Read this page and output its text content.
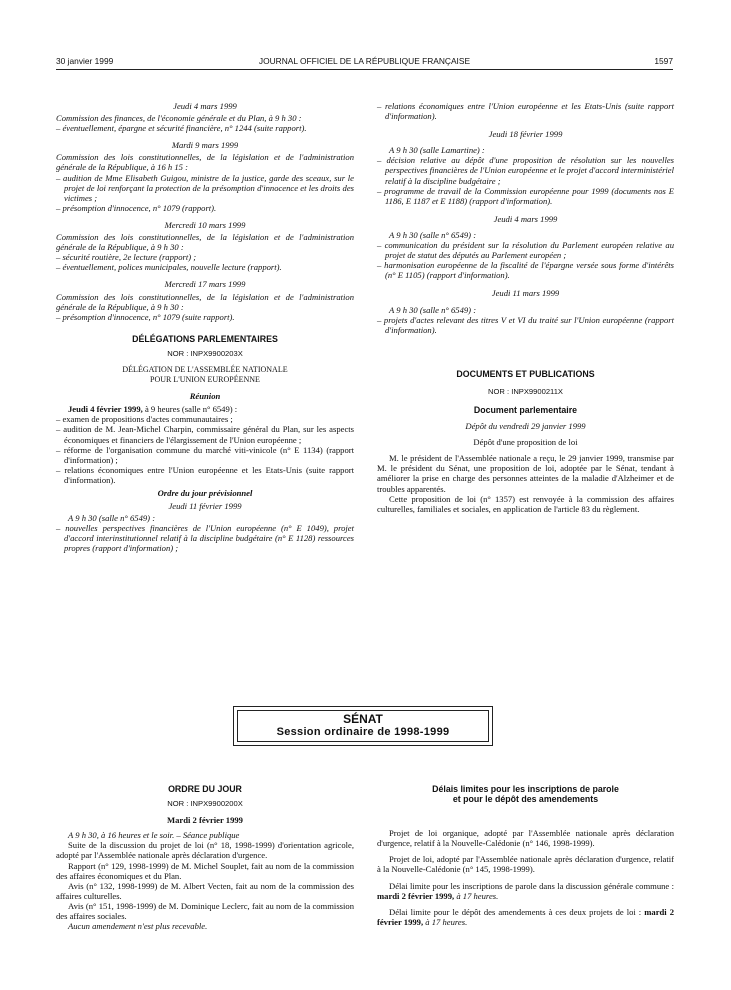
30 janvier 1999	JOURNAL OFFICIEL DE LA RÉPUBLIQUE FRANÇAISE	1597

Jeudi 4 mars 1999

Commission des finances, de l'économie générale et du Plan, à 9 h 30 :

– éventuellement, épargne et sécurité financière, n° 1244 (suite rapport).

Mardi 9 mars 1999

Commission des lois constitutionnelles, de la législation et de l'administration générale de la République, à 16 h 15 :

– audition de Mme Elisabeth Guigou, ministre de la justice, garde des sceaux, sur le projet de loi renforçant la protection de la présomption d'innocence et les droits des victimes ;

– présomption d'innocence, n° 1079 (rapport).

Mercredi 10 mars 1999

Commission des lois constitutionnelles, de la législation et de l'administration générale de la République, à 9 h 30 :

– sécurité routière, 2e lecture (rapport) ;

– éventuellement, polices municipales, nouvelle lecture (rapport).

Mercredi 17 mars 1999

Commission des lois constitutionnelles, de la législation et de l'administration générale de la République, à 9 h 30 :

– présomption d'innocence, n° 1079 (suite rapport).

DÉLÉGATIONS PARLEMENTAIRES

NOR : INPX9900203X

DÉLÉGATION DE L'ASSEMBLÉE NATIONALE

POUR L'UNION EUROPÉENNE

Réunion

Jeudi 4 février 1999, à 9 heures (salle n° 6549) :

– examen de propositions d'actes communautaires ;

– audition de M. Jean-Michel Charpin, commissaire général du Plan, sur les aspects économiques et financiers de l'élargissement de l'Union européenne ;

– réforme de l'organisation commune du marché viti-vinicole (n° E 1134) (rapport d'information) ;

– relations économiques entre l'Union européenne et les Etats-Unis (suite rapport d'information).

Ordre du jour prévisionnel

Jeudi 11 février 1999

A 9 h 30 (salle n° 6549) :

– nouvelles perspectives financières de l'Union européenne (n° E 1049), projet d'accord interinstitutionnel relatif à la discipline budgétaire (n° E 1128) ressources propres (rapport d'information) ;

– relations économiques entre l'Union européenne et les Etats-Unis (suite rapport d'information).

Jeudi 18 février 1999

A 9 h 30 (salle Lamartine) :

– décision relative au dépôt d'une proposition de résolution sur les nouvelles perspectives financières de l'Union européenne et le projet d'accord interministériel relatif à la discipline budgétaire ;

– programme de travail de la Commission européenne pour 1999 (documents nos E 1186, E 1187 et E 1188) (rapport d'information).

Jeudi 4 mars 1999

A 9 h 30 (salle n° 6549) :

– communication du président sur la résolution du Parlement européen relative au projet de statut des députés au Parlement européen ;

– harmonisation européenne de la fiscalité de l'épargne versée sous forme d'intérêts (n° E 1105) (rapport d'information).

Jeudi 11 mars 1999

A 9 h 30 (salle n° 6549) :

– projets d'actes relevant des titres V et VI du traité sur l'Union européenne (rapport d'information).

DOCUMENTS ET PUBLICATIONS

NOR : INPX9900211X

Document parlementaire

Dépôt du vendredi 29 janvier 1999

Dépôt d'une proposition de loi

M. le président de l'Assemblée nationale a reçu, le 29 janvier 1999, transmise par M. le président du Sénat, une proposition de loi, adoptée par le Sénat, tendant à améliorer la prise en charge des personnes atteintes de la maladie d'Alzheimer et de troubles apparentés.

Cette proposition de loi (n° 1357) est renvoyée à la commission des affaires culturelles, familiales et sociales, en application de l'article 83 du règlement.

SÉNAT
Session ordinaire de 1998-1999

ORDRE DU JOUR

NOR : INPX9900200X

Mardi 2 février 1999

A 9 h 30, à 16 heures et le soir. – Séance publique

Suite de la discussion du projet de loi (n° 18, 1998-1999) d'orientation agricole, adopté par l'Assemblée nationale après déclaration d'urgence.

Rapport (n° 129, 1998-1999) de M. Michel Souplet, fait au nom de la commission des affaires économiques et du Plan.

Avis (n° 132, 1998-1999) de M. Albert Vecten, fait au nom de la commission des affaires culturelles.

Avis (n° 151, 1998-1999) de M. Dominique Leclerc, fait au nom de la commission des affaires sociales.

Aucun amendement n'est plus recevable.

Délais limites pour les inscriptions de parole

et pour le dépôt des amendements

Projet de loi organique, adopté par l'Assemblée nationale après déclaration d'urgence, relatif à la Nouvelle-Calédonie (n° 146, 1998-1999).

Projet de loi, adopté par l'Assemblée nationale après déclaration d'urgence, relatif à la Nouvelle-Calédonie (n° 145, 1998-1999).

Délai limite pour les inscriptions de parole dans la discussion générale commune : mardi 2 février 1999, à 17 heures.

Délai limite pour le dépôt des amendements à ces deux projets de loi : mardi 2 février 1999, à 17 heures.
